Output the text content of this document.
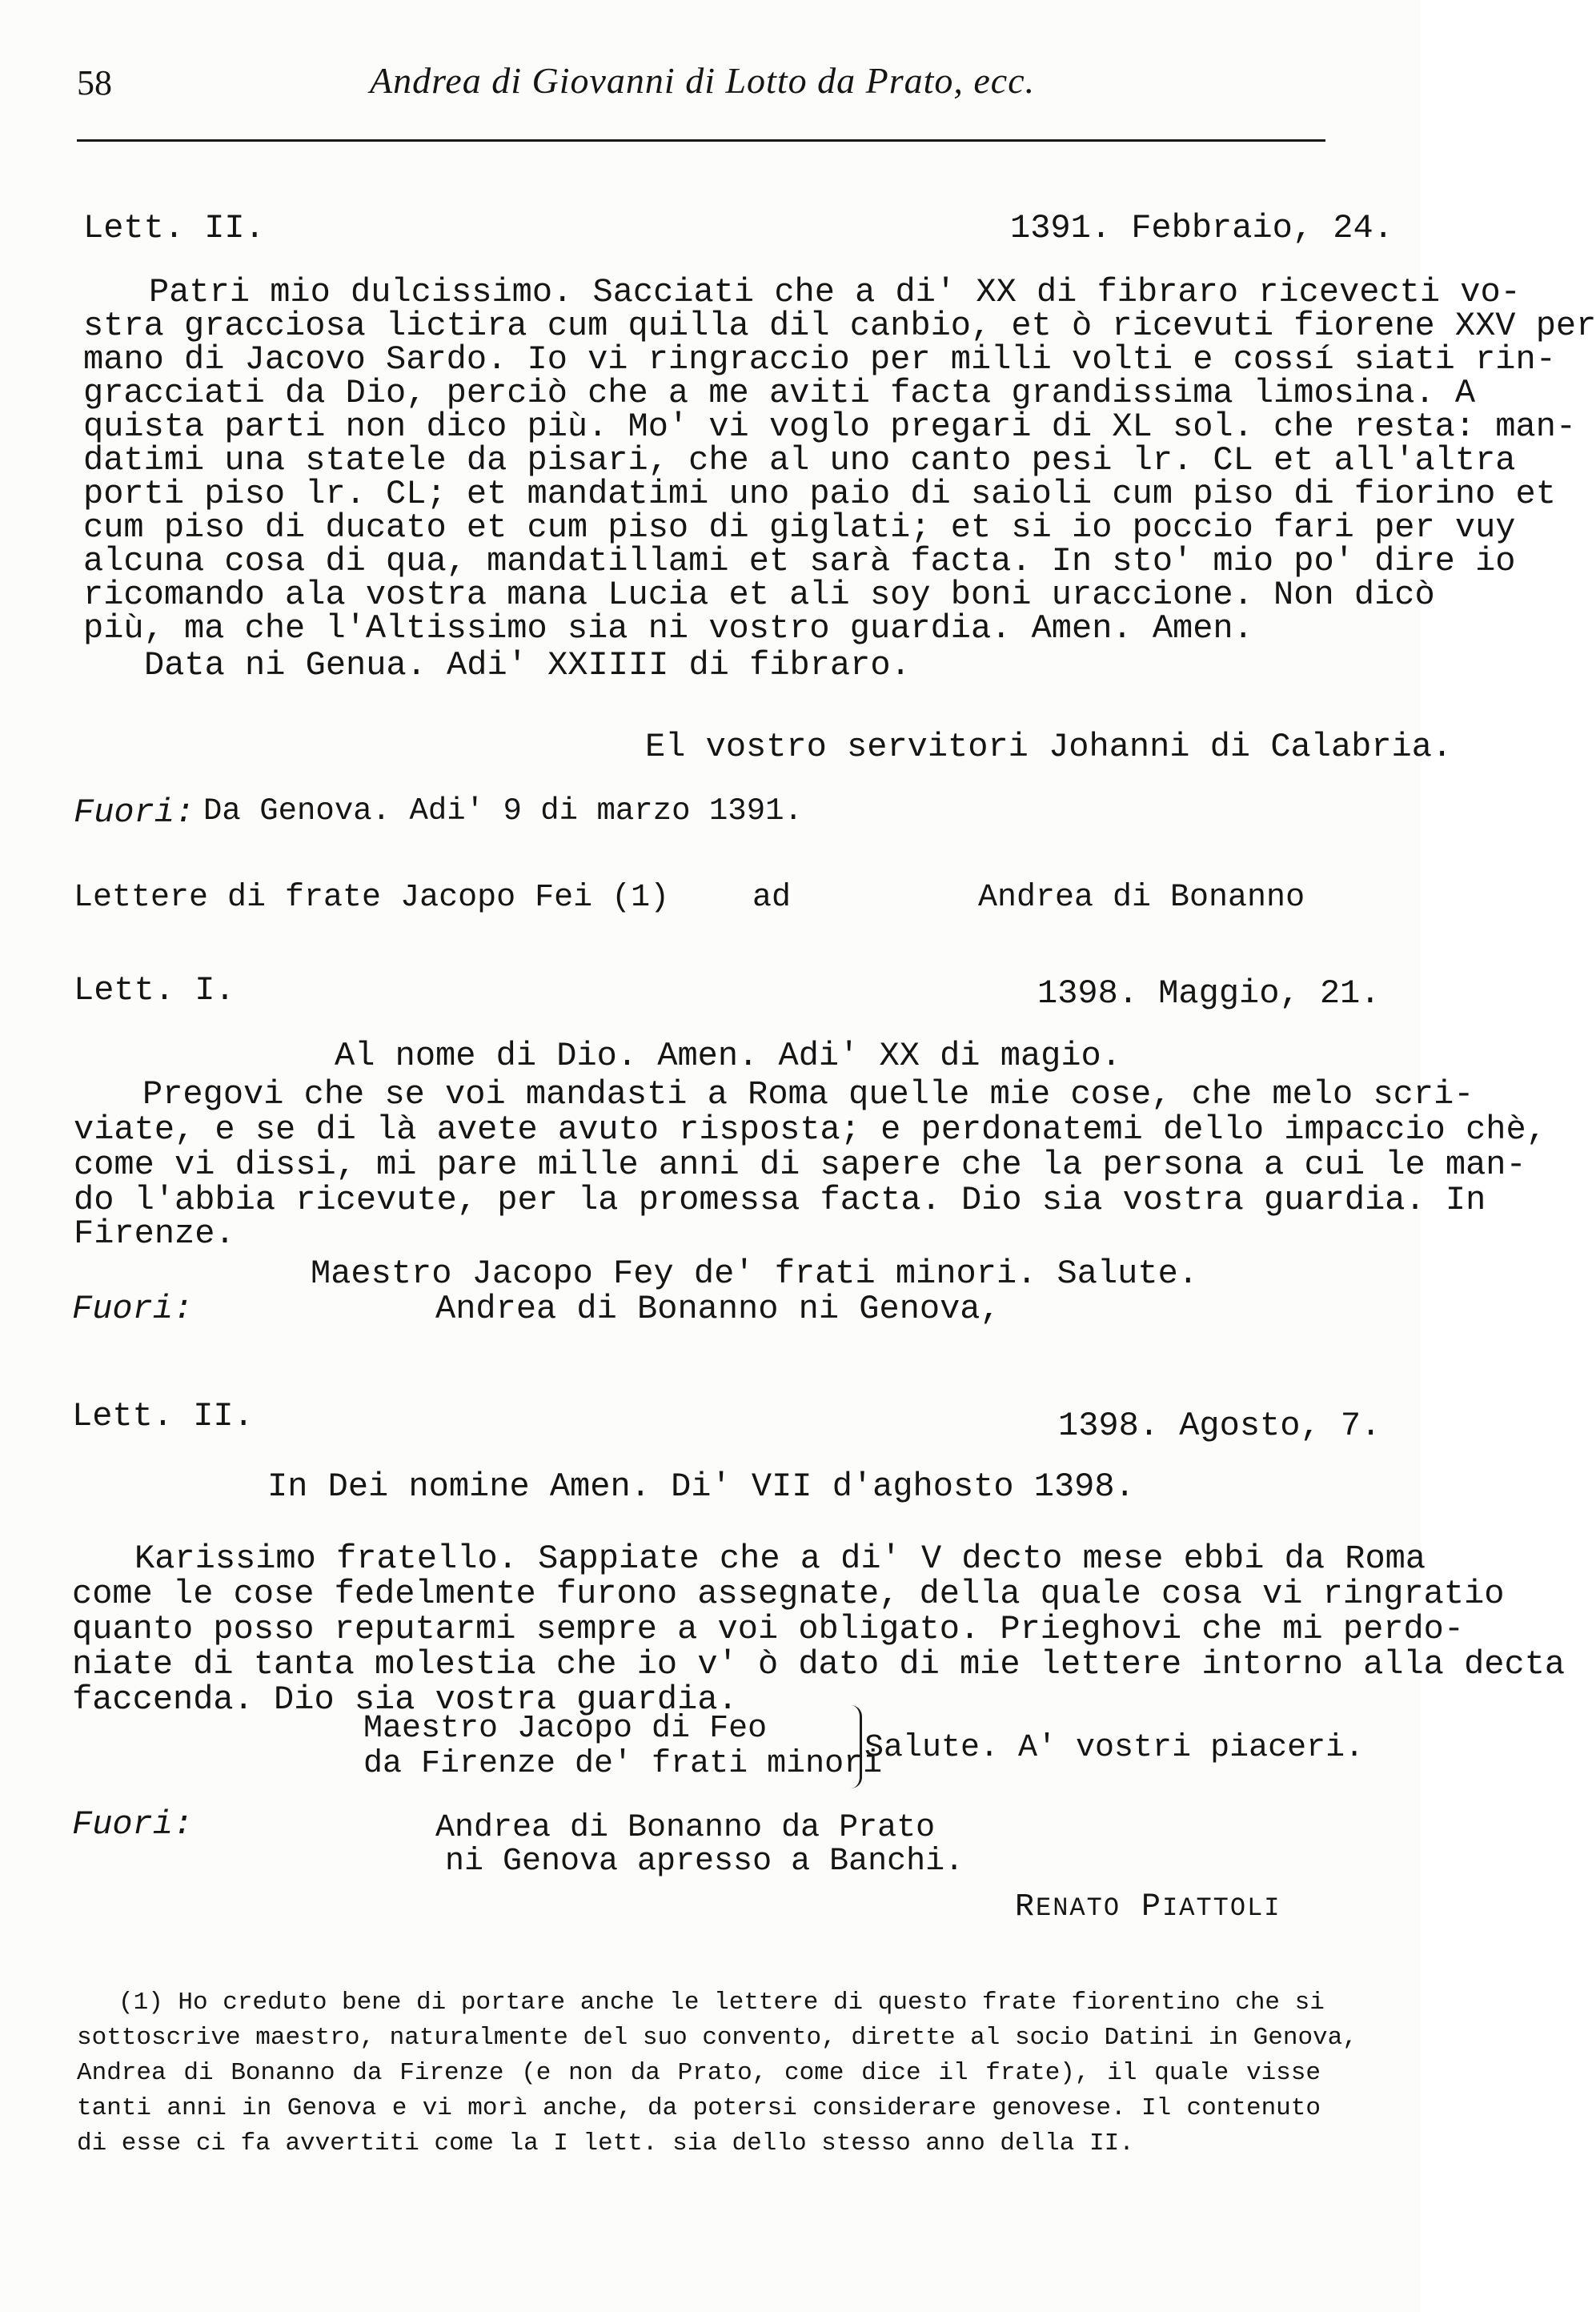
58	Andrea di Giovanni di Lotto da Prato, ecc.
Lett. II.	1391. Febbraio, 24.
Patri mio dulcissimo. Sacciati che a di' XX di fibraro ricevecti vo-
stra gracciosa lictira cum quilla dil canbio, et ò ricevuti fiorene XXV per
mano di Jacovo Sardo. Io vi ringraccio per milli volti e cossí siati rin-
gracciati da Dio, perciò che a me aviti facta grandissima limosina. A
quista parti non dico più. Mo' vi voglo pregari di XL sol. che resta: man-
datimi una statele da pisari, che al uno canto pesi lr. CL et all'altra
porti piso lr. CL; et mandatimi uno paio di saioli cum piso di fiorino et
cum piso di ducato et cum piso di giglati; et si io poccio fari per vuy
alcuna cosa di qua, mandatillami et sarà facta. In sto' mio po' dire io
ricomando ala vostra mana Lucia et ali soy boni uraccione. Non dicò
più, ma che l'Altissimo sia ni vostro guardia. Amen. Amen.
Data ni Genua. Adi' XXIIII di fibraro.
El vostro servitori Johanni di Calabria.
Fuori: Da Genova. Adi' 9 di marzo 1391.
Lettere di frate Jacopo Fei (1)	ad	Andrea di Bonanno
Lett. I.	1398. Maggio, 21.
Al nome di Dio. Amen. Adi' XX di magio.
Pregovi che se voi mandasti a Roma quelle mie cose, che melo scri-
viate, e se di là avete avuto risposta; e perdonatemi dello impaccio chè,
come vi dissi, mi pare mille anni di sapere che la persona a cui le man-
do l'abbia ricevute, per la promessa facta. Dio sia vostra guardia. In
Firenze.
Maestro Jacopo Fey de' frati minori. Salute.
Fuori:	Andrea di Bonanno ni Genova,
Lett. II.	1398. Agosto, 7.
In Dei nomine Amen. Di' VII d'aghosto 1398.
Karissimo fratello. Sappiate che a di' V decto mese ebbi da Roma
come le cose fedelmente furono assegnate, della quale cosa vi ringratio
quanto posso reputarmi sempre a voi obligato. Prieghovi che mi perdo-
niate di tanta molestia che io v' ò dato di mie lettere intorno alla decta
faccenda. Dio sia vostra guardia.
Maestro Jacopo di Feo
da Firenze de' frati minori
Salute. A' vostri piaceri.
Fuori:	Andrea di Bonanno da Prato
ni Genova apresso a Banchi.
RENATO PIATTOLI
(1) Ho creduto bene di portare anche le lettere di questo frate fiorentino che si
sottoscrive maestro, naturalmente del suo convento, dirette al socio Datini in Genova,
Andrea di Bonanno da Firenze (e non da Prato, come dice il frate), il quale visse
tanti anni in Genova e vi morì anche, da potersi considerare genovese. Il contenuto
di esse ci fa avvertiti come la I lett. sia dello stesso anno della II.
